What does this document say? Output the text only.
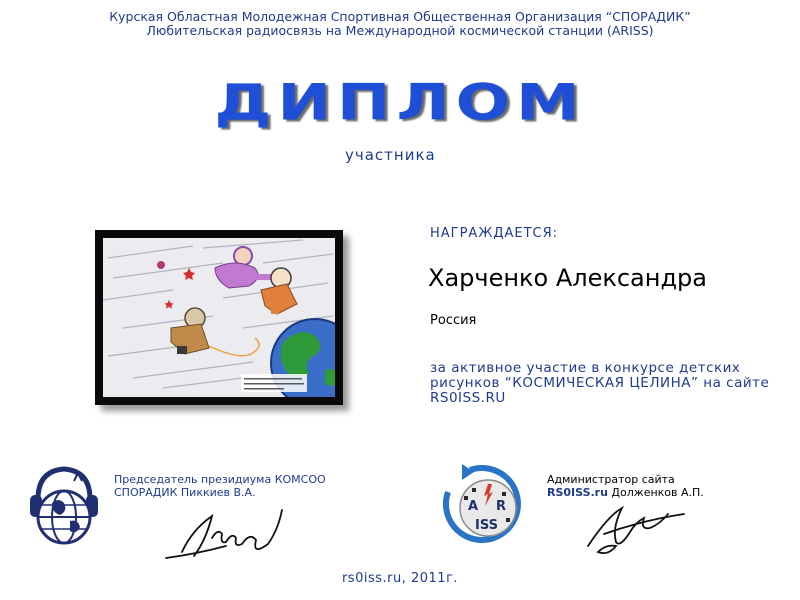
Курская Областная Молодежная Спортивная Общественная Организация “СПОРАДИК”
Любительская радиосвязь на Международной космической станции (ARISS)
ДИПЛОМ
участника
НАГРАЖДАЕТСЯ:
Харченко Александра
Россия
за активное участие в конкурсе детских рисунков “КОСМИЧЕСКАЯ ЦЕЛИНА” на сайте RS0ISS.RU
Председатель президиума КОМСОО
СПОРАДИК Пиккиев В.А.
A R
ISS
Администратор сайта
RS0ISS.ru Долженков А.П.
rs0iss.ru, 2011г.
